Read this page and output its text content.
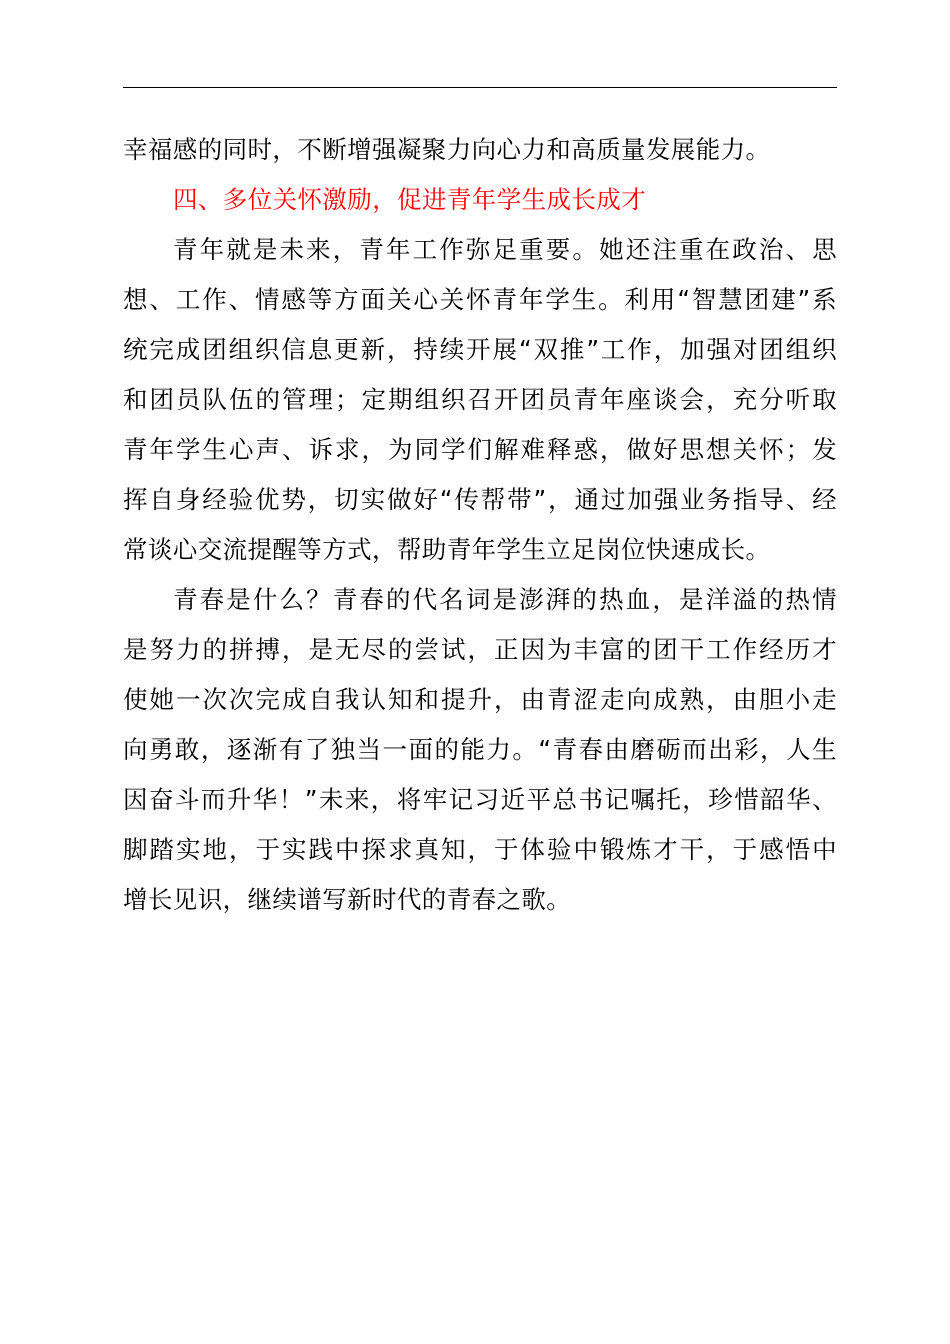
幸福感的同时，不断增强凝聚力向心力和高质量发展能力。

四、多位关怀激励，促进青年学生成长成才

青年就是未来，青年工作弥足重要。她还注重在政治、思
想、工作、情感等方面关心关怀青年学生。利用“智慧团建”系
统完成团组织信息更新，持续开展“双推”工作，加强对团组织
和团员队伍的管理；定期组织召开团员青年座谈会，充分听取
青年学生心声、诉求，为同学们解难释惑，做好思想关怀；发
挥自身经验优势，切实做好“传帮带”，通过加强业务指导、经
常谈心交流提醒等方式，帮助青年学生立足岗位快速成长。

青春是什么？青春的代名词是澎湃的热血，是洋溢的热情
是努力的拼搏，是无尽的尝试，正因为丰富的团干工作经历才
使她一次次完成自我认知和提升，由青涩走向成熟，由胆小走
向勇敢，逐渐有了独当一面的能力。“青春由磨砺而出彩，人生
因奋斗而升华！”未来，将牢记习近平总书记嘱托，珍惜韶华、
脚踏实地，于实践中探求真知，于体验中锻炼才干，于感悟中
增长见识，继续谱写新时代的青春之歌。
